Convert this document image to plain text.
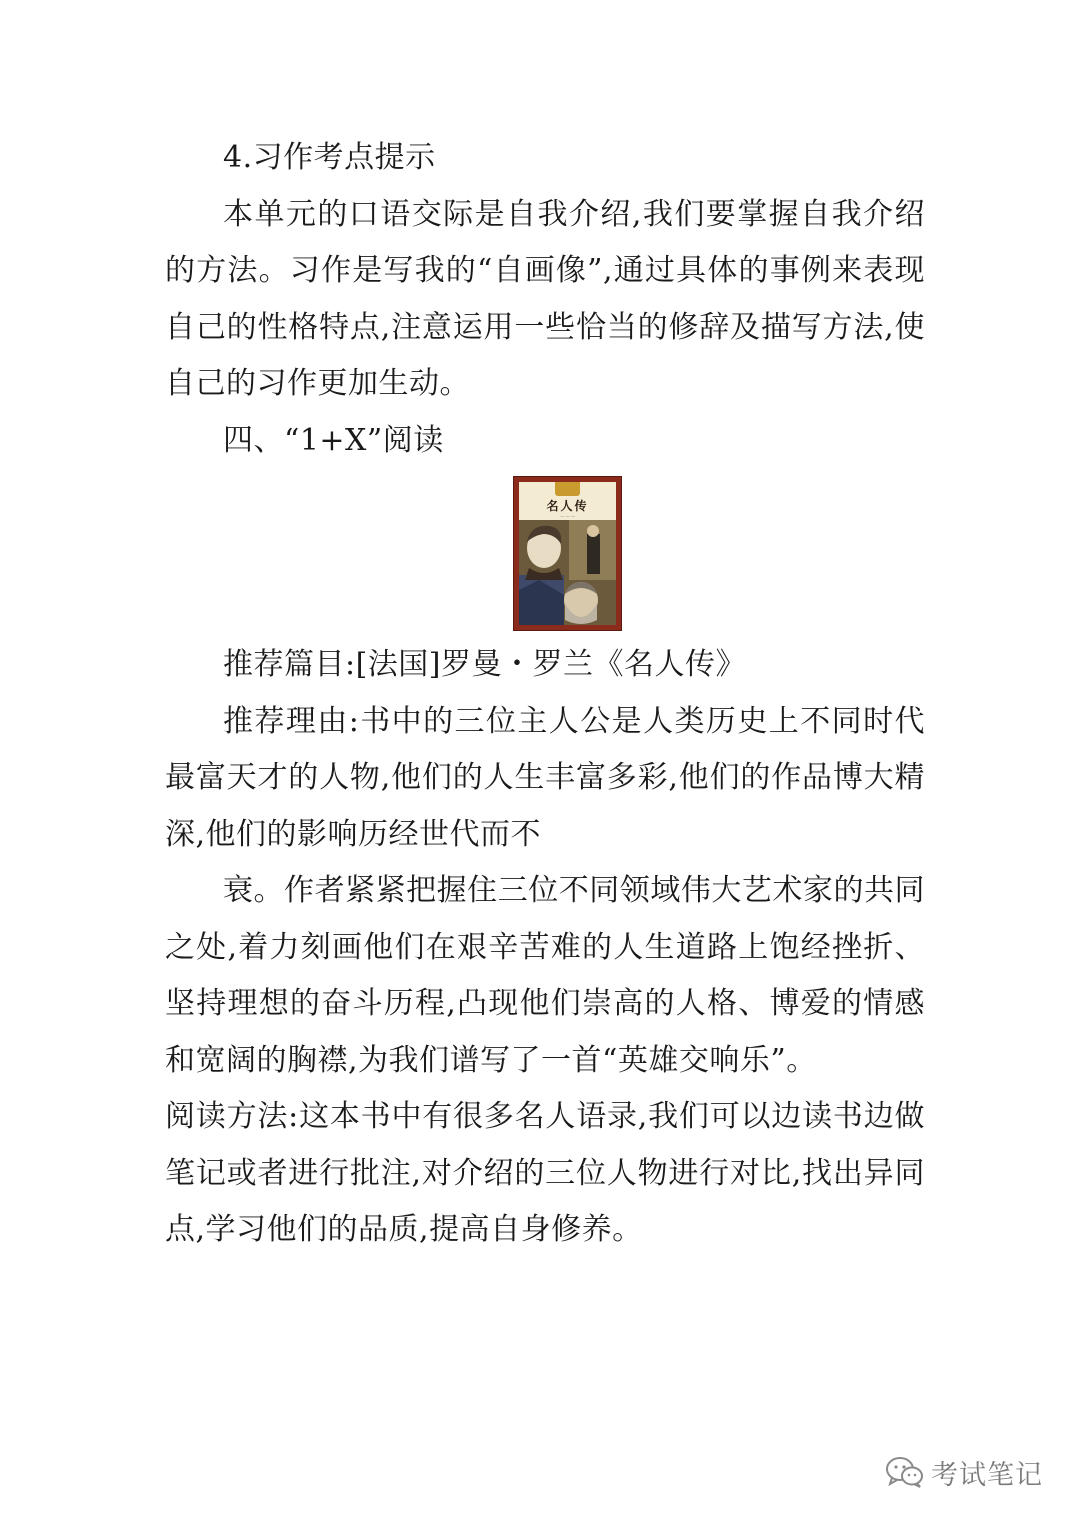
4.习作考点提示

本单元的口语交际是自我介绍,我们要掌握自我介绍的方法。习作是写我的“自画像”,通过具体的事例来表现自己的性格特点,注意运用一些恰当的修辞及描写方法,使自己的习作更加生动。

四、“1+X”阅读

名人传
— — —

推荐篇目:[法国]罗曼・罗兰《名人传》

推荐理由:书中的三位主人公是人类历史上不同时代最富天才的人物,他们的人生丰富多彩,他们的作品博大精深,他们的影响历经世代而不

衰。作者紧紧把握住三位不同领域伟大艺术家的共同之处,着力刻画他们在艰辛苦难的人生道路上饱经挫折、坚持理想的奋斗历程,凸现他们崇高的人格、博爱的情感和宽阔的胸襟,为我们谱写了一首“英雄交响乐”。

阅读方法:这本书中有很多名人语录,我们可以边读书边做笔记或者进行批注,对介绍的三位人物进行对比,找出异同点,学习他们的品质,提高自身修养。

考试笔记
